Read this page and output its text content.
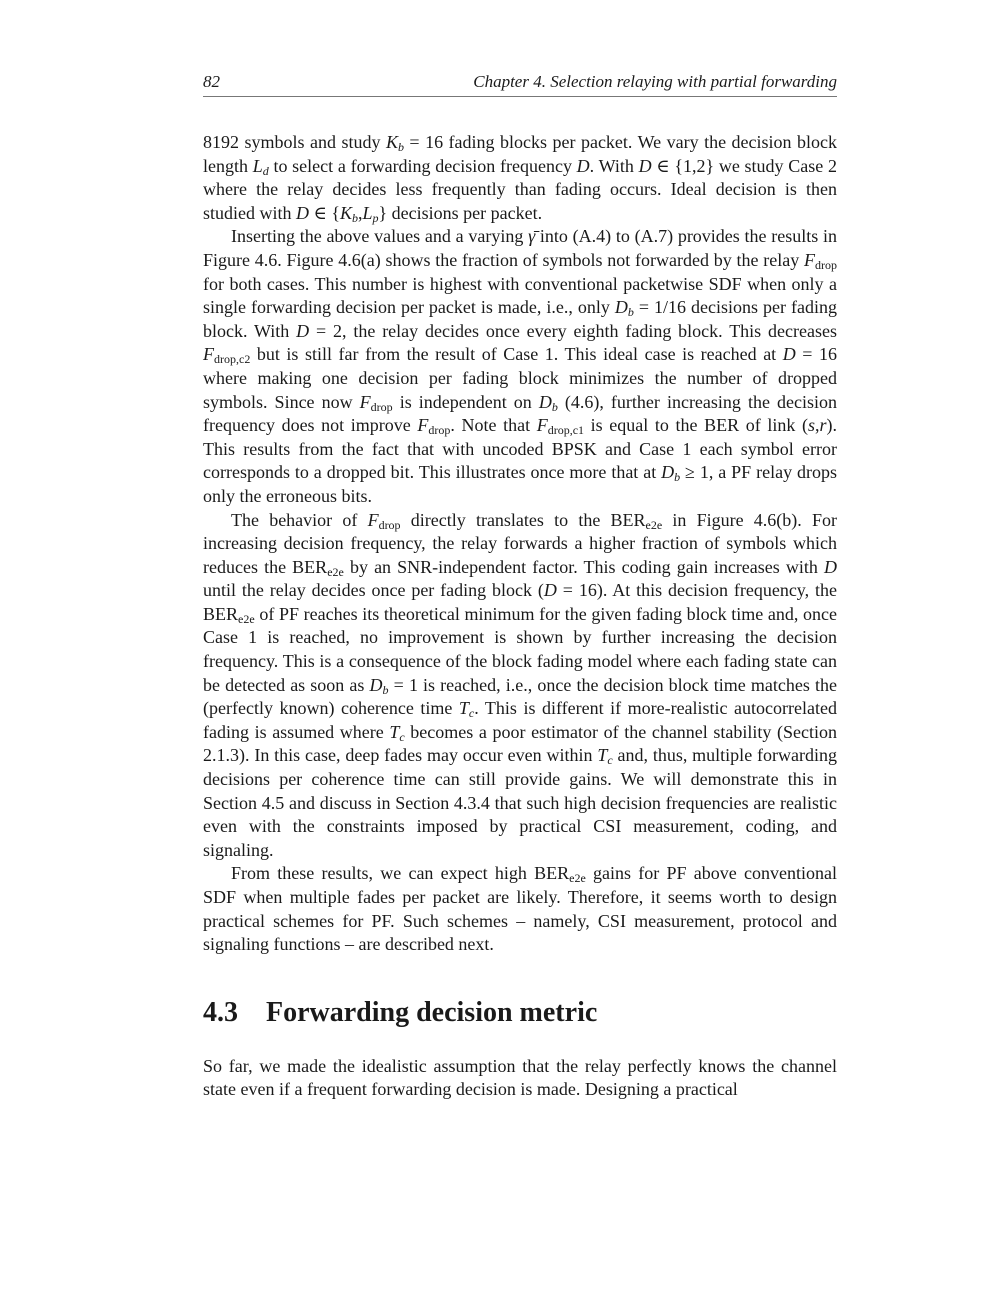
82	Chapter 4. Selection relaying with partial forwarding

8192 symbols and study $K_b = 16$ fading blocks per packet. We vary the decision block length $L_d$ to select a forwarding decision frequency D. With D ∈ {1,2} we study Case 2 where the relay decides less frequently than fading occurs. Ideal decision is then studied with D ∈ $\{K_b,L_p\}$ decisions per packet.

Inserting the above values and a varying γ̄ into (A.4) to (A.7) provides the results in Figure 4.6. Figure 4.6(a) shows the fraction of symbols not forwarded by the relay $F_{drop}$ for both cases. This number is highest with conventional packetwise SDF when only a single forwarding decision per packet is made, i.e., only $D_b = 1/16$ decisions per fading block. With D = 2, the relay decides once every eighth fading block. This decreases $F_{drop,c2}$ but is still far from the result of Case 1. This ideal case is reached at D = 16 where making one decision per fading block minimizes the number of dropped symbols. Since now $F_{drop}$ is independent on $D_b$ (4.6), further increasing the decision frequency does not improve $F_{drop}$. Note that $F_{drop,c1}$ is equal to the BER of link (s,r). This results from the fact that with uncoded BPSK and Case 1 each symbol error corresponds to a dropped bit. This illustrates once more that at $D_b \ge 1$, a PF relay drops only the erroneous bits.

The behavior of $F_{drop}$ directly translates to the $BER_{e2e}$ in Figure 4.6(b). For increasing decision frequency, the relay forwards a higher fraction of symbols which reduces the $BER_{e2e}$ by an SNR-independent factor. This coding gain increases with D until the relay decides once per fading block (D = 16). At this decision frequency, the $BER_{e2e}$ of PF reaches its theoretical minimum for the given fading block time and, once Case 1 is reached, no improvement is shown by further increasing the decision frequency. This is a consequence of the block fading model where each fading state can be detected as soon as $D_b = 1$ is reached, i.e., once the decision block time matches the (perfectly known) coherence time $T_c$. This is different if more-realistic autocorrelated fading is assumed where $T_c$ becomes a poor estimator of the channel stability (Section 2.1.3). In this case, deep fades may occur even within $T_c$ and, thus, multiple forwarding decisions per coherence time can still provide gains. We will demonstrate this in Section 4.5 and discuss in Section 4.3.4 that such high decision frequencies are realistic even with the constraints imposed by practical CSI measurement, coding, and signaling.

From these results, we can expect high $BER_{e2e}$ gains for PF above conventional SDF when multiple fades per packet are likely. Therefore, it seems worth to design practical schemes for PF. Such schemes – namely, CSI measurement, protocol and signaling functions – are described next.

4.3 Forwarding decision metric

So far, we made the idealistic assumption that the relay perfectly knows the channel state even if a frequent forwarding decision is made. Designing a practical
